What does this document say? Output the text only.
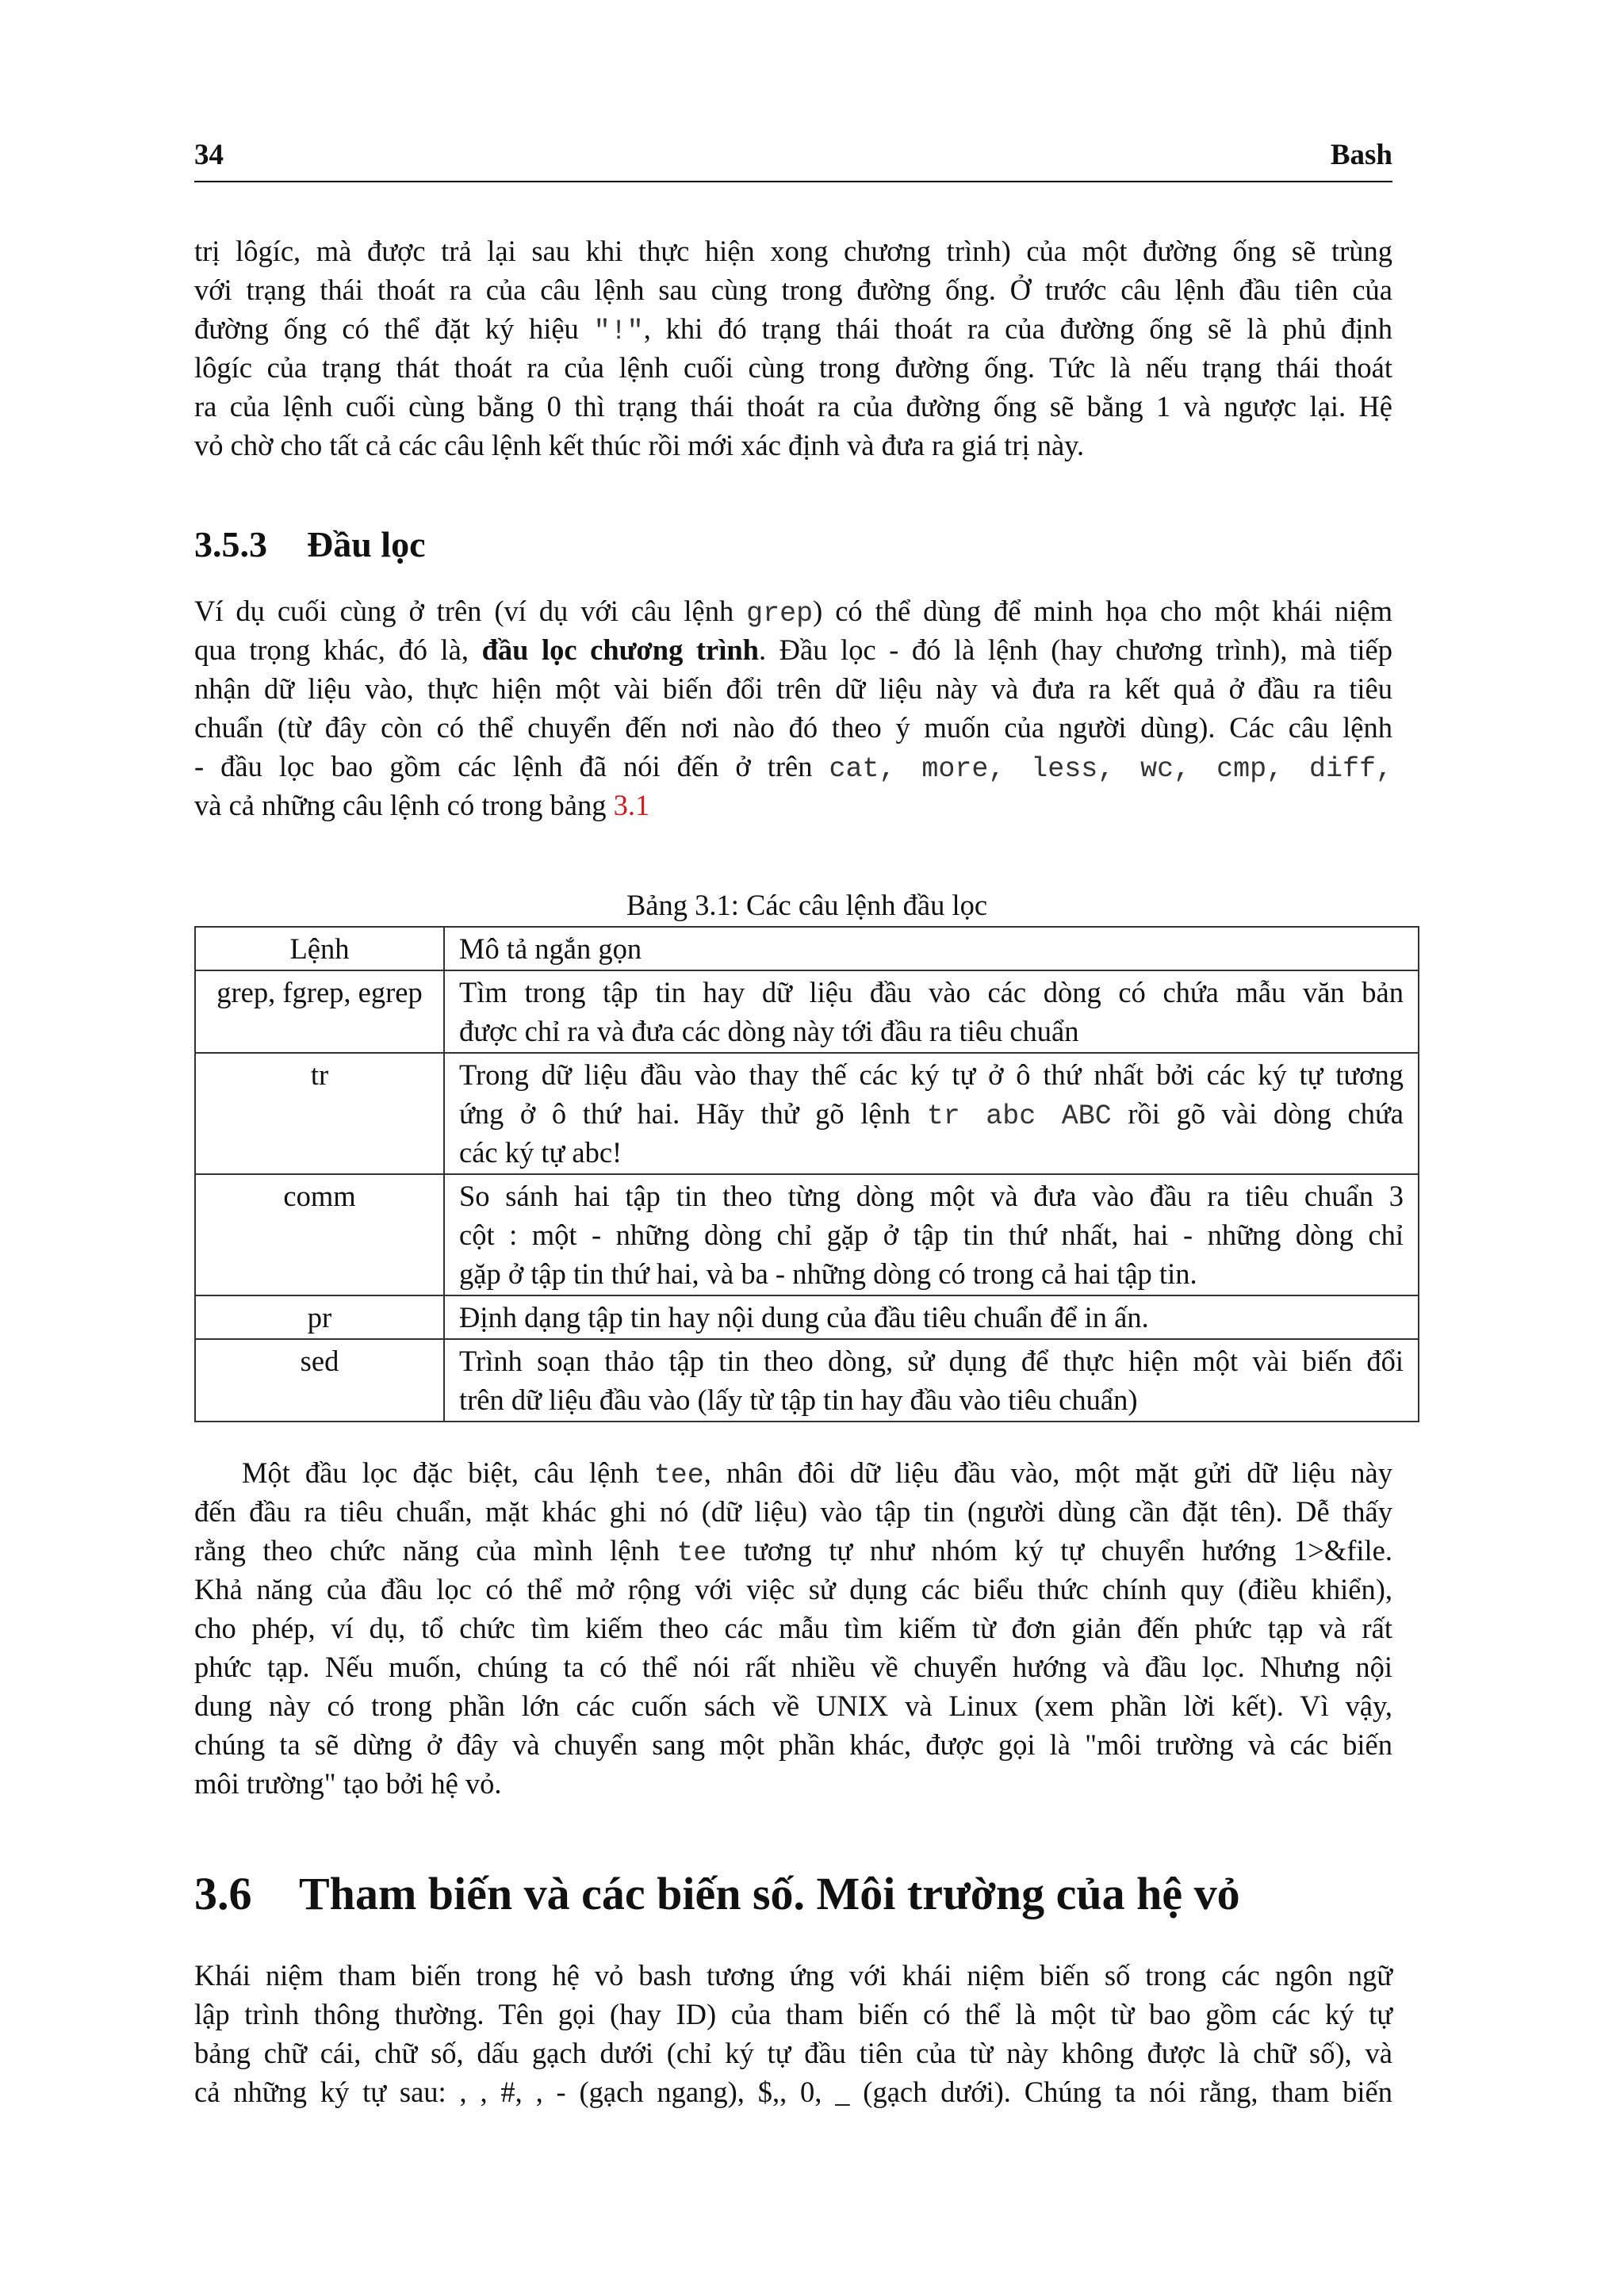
34	Bash
trị lôgíc, mà được trả lại sau khi thực hiện xong chương trình) của một đường ống sẽ trùng
với trạng thái thoát ra của câu lệnh sau cùng trong đường ống. Ở trước câu lệnh đầu tiên của
đường ống có thể đặt ký hiệu "!", khi đó trạng thái thoát ra của đường ống sẽ là phủ định
lôgíc của trạng thát thoát ra của lệnh cuối cùng trong đường ống. Tức là nếu trạng thái thoát
ra của lệnh cuối cùng bằng 0 thì trạng thái thoát ra của đường ống sẽ bằng 1 và ngược lại. Hệ
vỏ chờ cho tất cả các câu lệnh kết thúc rồi mới xác định và đưa ra giá trị này.
3.5.3 Đầu lọc
Ví dụ cuối cùng ở trên (ví dụ với câu lệnh grep) có thể dùng để minh họa cho một khái niệm
qua trọng khác, đó là, đầu lọc chương trình. Đầu lọc - đó là lệnh (hay chương trình), mà tiếp
nhận dữ liệu vào, thực hiện một vài biến đổi trên dữ liệu này và đưa ra kết quả ở đầu ra tiêu
chuẩn (từ đây còn có thể chuyển đến nơi nào đó theo ý muốn của người dùng). Các câu lệnh
- đầu lọc bao gồm các lệnh đã nói đến ở trên cat, more, less, wc, cmp, diff,
và cả những câu lệnh có trong bảng 3.1
Bảng 3.1: Các câu lệnh đầu lọc
Lệnh	Mô tả ngắn gọn
grep, fgrep, egrep	Tìm trong tập tin hay dữ liệu đầu vào các dòng có chứa mẫu văn bản
được chỉ ra và đưa các dòng này tới đầu ra tiêu chuẩn

tr	Trong dữ liệu đầu vào thay thế các ký tự ở ô thứ nhất bởi các ký tự tương
ứng ở ô thứ hai. Hãy thử gõ lệnh tr abc ABC rồi gõ vài dòng chứa
các ký tự abc!

comm	So sánh hai tập tin theo từng dòng một và đưa vào đầu ra tiêu chuẩn 3
cột : một - những dòng chỉ gặp ở tập tin thứ nhất, hai - những dòng chỉ
gặp ở tập tin thứ hai, và ba - những dòng có trong cả hai tập tin.

pr	Định dạng tập tin hay nội dung của đầu tiêu chuẩn để in ấn.

sed	Trình soạn thảo tập tin theo dòng, sử dụng để thực hiện một vài biến đổi
trên dữ liệu đầu vào (lấy từ tập tin hay đầu vào tiêu chuẩn)
Một đầu lọc đặc biệt, câu lệnh tee, nhân đôi dữ liệu đầu vào, một mặt gửi dữ liệu này
đến đầu ra tiêu chuẩn, mặt khác ghi nó (dữ liệu) vào tập tin (người dùng cần đặt tên). Dễ thấy
rằng theo chức năng của mình lệnh tee tương tự như nhóm ký tự chuyển hướng 1>&file.
Khả năng của đầu lọc có thể mở rộng với việc sử dụng các biểu thức chính quy (điều khiển),
cho phép, ví dụ, tổ chức tìm kiếm theo các mẫu tìm kiếm từ đơn giản đến phức tạp và rất
phức tạp. Nếu muốn, chúng ta có thể nói rất nhiều về chuyển hướng và đầu lọc. Nhưng nội
dung này có trong phần lớn các cuốn sách về UNIX và Linux (xem phần lời kết). Vì vậy,
chúng ta sẽ dừng ở đây và chuyển sang một phần khác, được gọi là "môi trường và các biến
môi trường" tạo bởi hệ vỏ.
3.6 Tham biến và các biến số. Môi trường của hệ vỏ
Khái niệm tham biến trong hệ vỏ bash tương ứng với khái niệm biến số trong các ngôn ngữ
lập trình thông thường. Tên gọi (hay ID) của tham biến có thể là một từ bao gồm các ký tự
bảng chữ cái, chữ số, dấu gạch dưới (chỉ ký tự đầu tiên của từ này không được là chữ số), và
cả những ký tự sau: , , #, , - (gạch ngang), $,, 0, _ (gạch dưới). Chúng ta nói rằng, tham biến
